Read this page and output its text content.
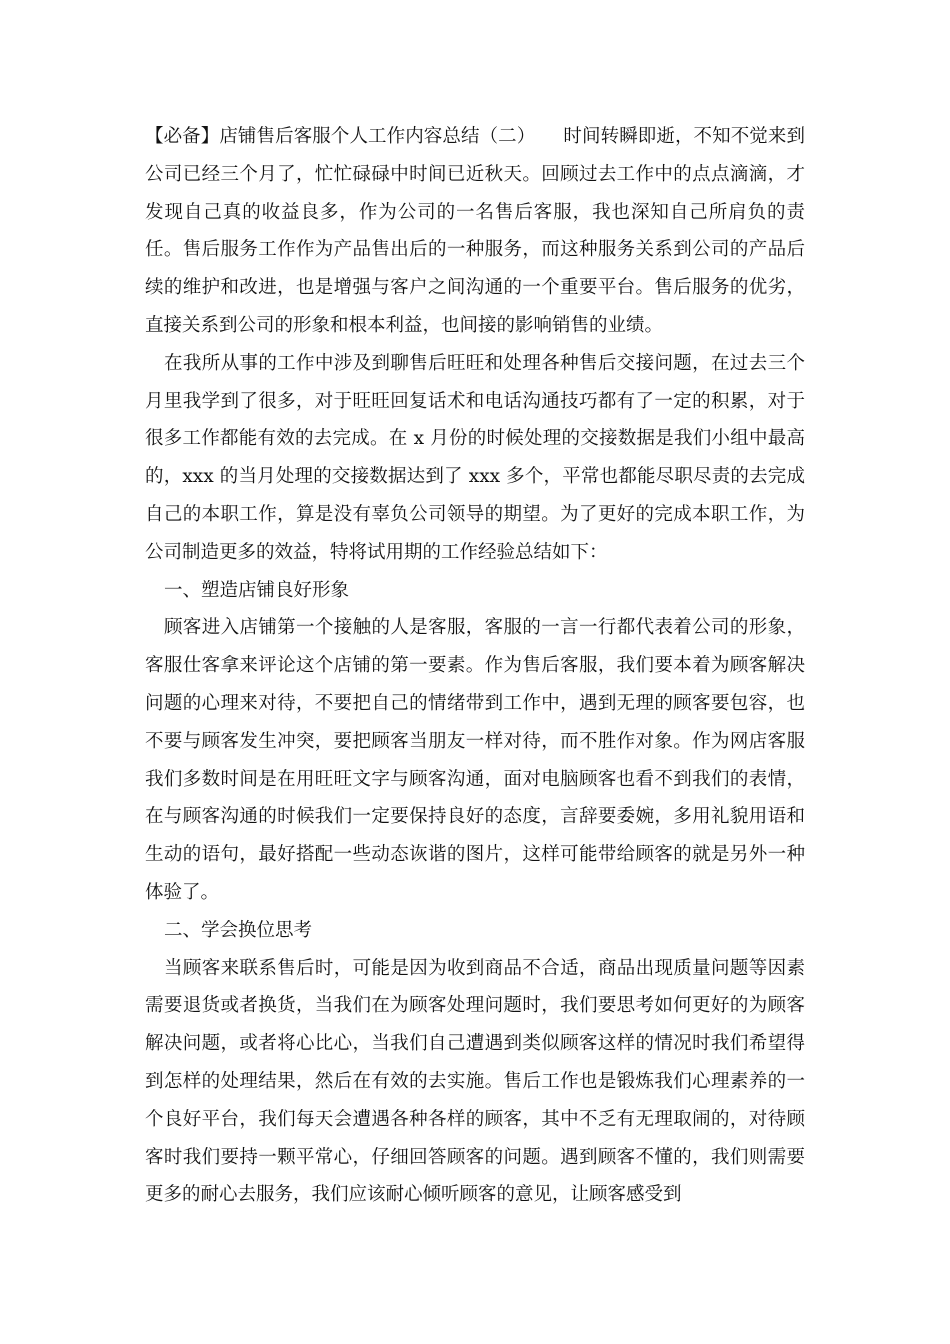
【必备】店铺售后客服个人工作内容总结（二） 时间转瞬即逝，不知不觉来到公司已经三个月了，忙忙碌碌中时间已近秋天。回顾过去工作中的点点滴滴，才发现自己真的收益良多，作为公司的一名售后客服，我也深知自己所肩负的责任。售后服务工作作为产品售出后的一种服务，而这种服务关系到公司的产品后续的维护和改进，也是增强与客户之间沟通的一个重要平台。售后服务的优劣，直接关系到公司的形象和根本利益，也间接的影响销售的业绩。

在我所从事的工作中涉及到聊售后旺旺和处理各种售后交接问题，在过去三个月里我学到了很多，对于旺旺回复话术和电话沟通技巧都有了一定的积累，对于很多工作都能有效的去完成。在 x 月份的时候处理的交接数据是我们小组中最高的，xxx 的当月处理的交接数据达到了 xxx 多个，平常也都能尽职尽责的去完成自己的本职工作，算是没有辜负公司领导的期望。为了更好的完成本职工作，为公司制造更多的效益，特将试用期的工作经验总结如下：

一、塑造店铺良好形象

顾客进入店铺第一个接触的人是客服，客服的一言一行都代表着公司的形象，客服仕客拿来评论这个店铺的第一要素。作为售后客服，我们要本着为顾客解决问题的心理来对待，不要把自己的情绪带到工作中，遇到无理的顾客要包容，也不要与顾客发生冲突，要把顾客当朋友一样对待，而不胜作对象。作为网店客服我们多数时间是在用旺旺文字与顾客沟通，面对电脑顾客也看不到我们的表情，在与顾客沟通的时候我们一定要保持良好的态度，言辞要委婉，多用礼貌用语和生动的语句，最好搭配一些动态诙谐的图片，这样可能带给顾客的就是另外一种体验了。

二、学会换位思考

当顾客来联系售后时，可能是因为收到商品不合适，商品出现质量问题等因素需要退货或者换货，当我们在为顾客处理问题时，我们要思考如何更好的为顾客解决问题，或者将心比心，当我们自己遭遇到类似顾客这样的情况时我们希望得到怎样的处理结果，然后在有效的去实施。售后工作也是锻炼我们心理素养的一个良好平台，我们每天会遭遇各种各样的顾客，其中不乏有无理取闹的，对待顾客时我们要持一颗平常心，仔细回答顾客的问题。遇到顾客不懂的，我们则需要更多的耐心去服务，我们应该耐心倾听顾客的意见，让顾客感受到
